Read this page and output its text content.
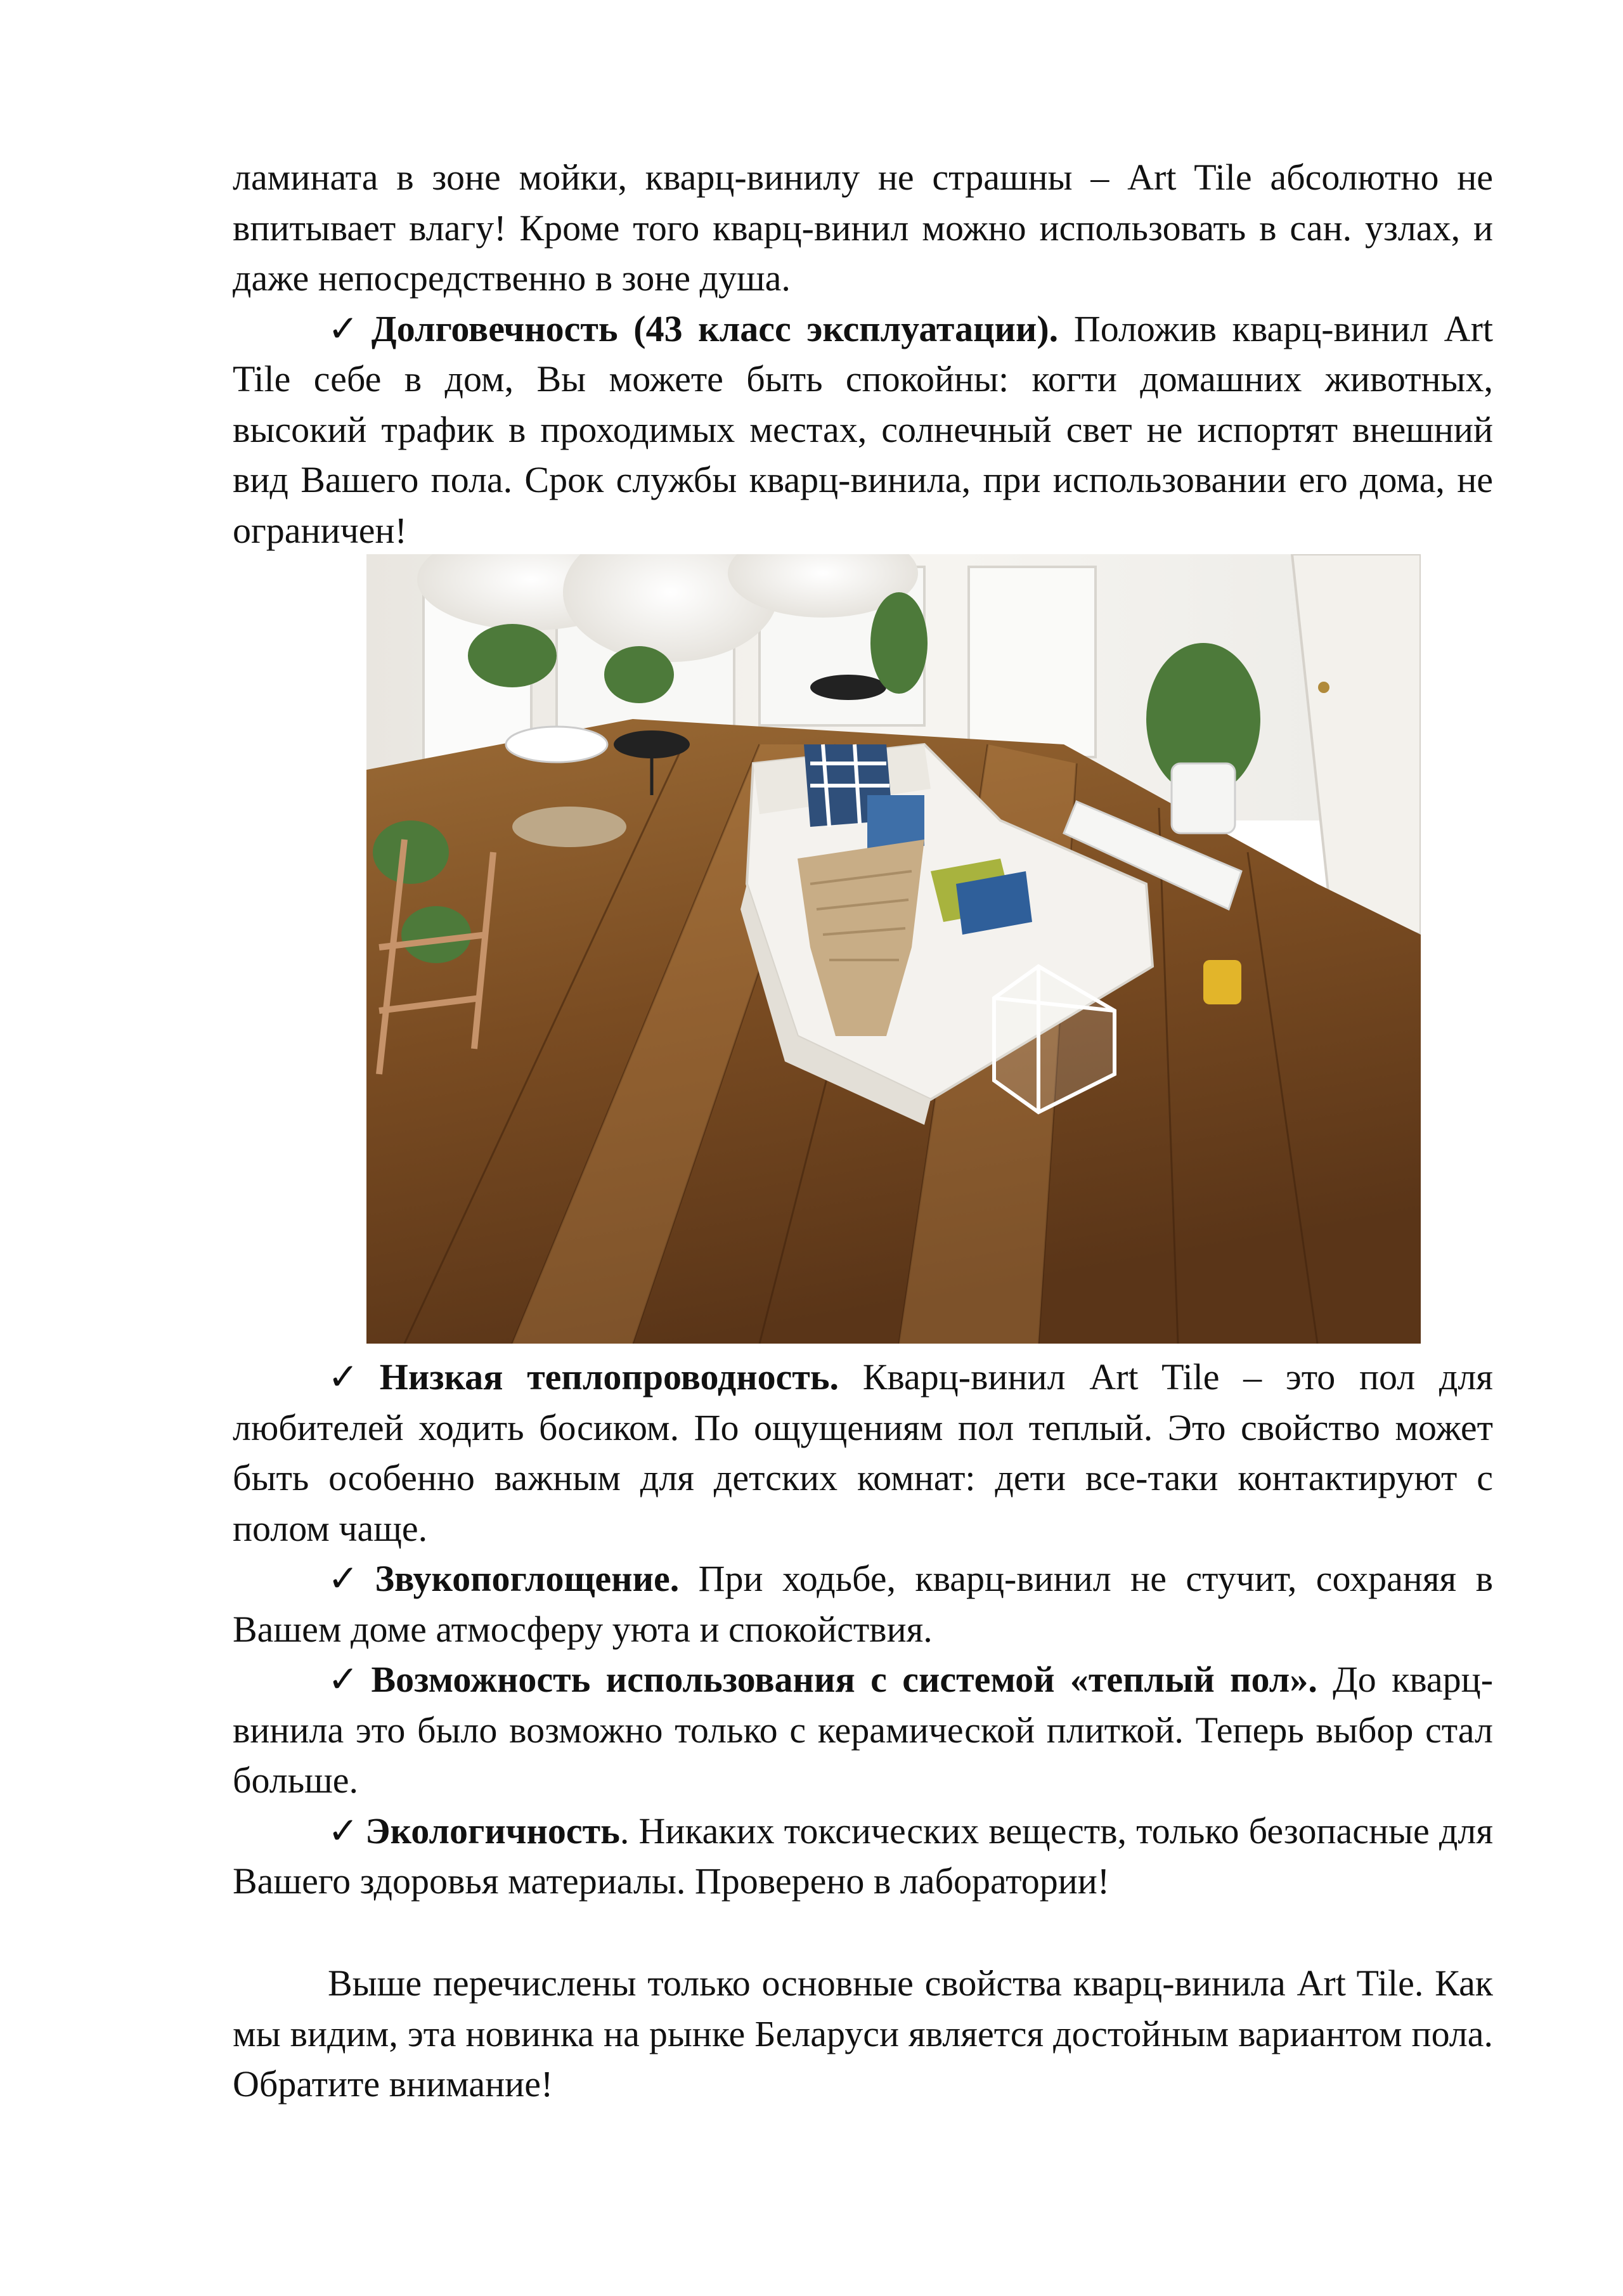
ламината в зоне мойки, кварц-винилу не страшны – Art Tile абсолютно не впитывает влагу! Кроме того кварц-винил можно использовать в сан. узлах, и даже непосредственно в зоне душа.

✓ Долговечность (43 класс эксплуатации). Положив кварц-винил Art Tile себе в дом, Вы можете быть спокойны: когти домашних животных, высокий трафик в проходимых местах, солнечный свет не испортят внешний вид Вашего пола. Срок службы кварц-винила, при использовании его дома, не ограничен!

✓ Низкая теплопроводность. Кварц-винил Art Tile – это пол для любителей ходить босиком. По ощущениям пол теплый. Это свойство может быть особенно важным для детских комнат: дети все-таки контактируют с полом чаще.

✓ Звукопоглощение. При ходьбе, кварц-винил не стучит, сохраняя в Вашем доме атмосферу уюта и спокойствия.

✓ Возможность использования с системой «теплый пол». До кварц-винила это было возможно только с керамической плиткой. Теперь выбор стал больше.

✓ Экологичность. Никаких токсических веществ, только безопасные для Вашего здоровья материалы. Проверено в лаборатории!

Выше перечислены только основные свойства кварц-винила Art Tile. Как мы видим, эта новинка на рынке Беларуси является достойным вариантом пола. Обратите внимание!
